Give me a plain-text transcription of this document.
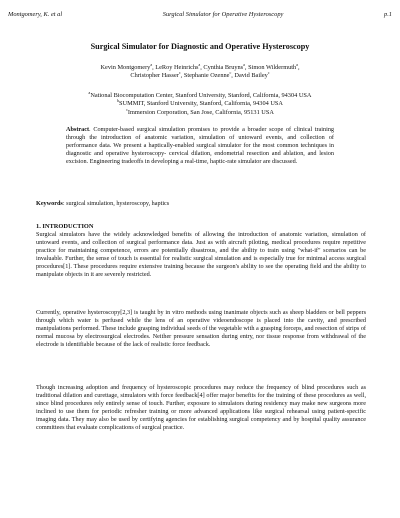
Montgomery, K. et al	Surgical Simulator for Operative Hysteroscopy	p.1
Surgical Simulator for Diagnostic and Operative Hysteroscopy
Kevin Montgomery$^a$, LeRoy Heinrichs$^a$, Cynthia Bruyns$^a$, Simon Wildermuth$^a$,
Christopher Hasser$^c$, Stephanie Ozenne$^c$, David Bailey$^c$
$^a$National Biocomputation Center, Stanford University, Stanford, California, 94304 USA
$^b$SUMMIT, Stanford University, Stanford, California, 94304 USA
$^c$Immersion Corporation, San Jose, California, 95131 USA
Abstract. Computer-based surgical simulation promises to provide a broader scope of clinical training through the introduction of anatomic variation, simulation of untoward events, and collection of performance data. We present a haptically-enabled surgical simulator for the most common techniques in diagnostic and operative hysteroscopy- cervical dilation, endometrial resection and ablation, and lesion excision. Engineering tradeoffs in developing a real-time, haptic-rate simulator are discussed.
Keywords: surgical simulation, hysteroscopy, haptics
1. INTRODUCTION
Surgical simulators have the widely acknowledged benefits of allowing the introduction of anatomic variation, simulation of untoward events, and collection of surgical performance data. Just as with aircraft piloting, medical procedures require repetitive practice for maintaining competence, errors are potentially disastrous, and the ability to train using "what-if" scenarios can be invaluable. Further, the sense of touch is essential for realistic surgical simulation and is especially true for minimal access surgical procedures[1]. These procedures require extensive training because the surgeon's ability to see the operating field and the ability to manipulate objects in it are severely restricted.
Currently, operative hysteroscopy[2,3] is taught by in vitro methods using inanimate objects such as sheep bladders or bell peppers through which water is perfused while the lens of an operative videoendoscope is placed into the cavity, and prescribed manipulations performed. These include grasping individual seeds of the vegetable with a grasping forceps, and resection of strips of normal mucosa by electrosurgical electrodes. Neither pressure sensation during entry, nor tissue response from withdrawal of the electrode is identifiable because of the lack of realistic force feedback.
Though increasing adoption and frequency of hysteroscopic procedures may reduce the frequency of blind procedures such as traditional dilation and curettage, simulators with force feedback[4] offer major benefits for the training of these procedures as well, since blind procedures rely entirely sense of touch. Further, exposure to simulators during residency may make new surgeons more inclined to use them for periodic refresher training or more advanced applications like surgical rehearsal using patient-specific imaging data. They may also be used by certifying agencies for establishing surgical competency and by hospital quality assurance committees that evaluate complications of surgical practice.
